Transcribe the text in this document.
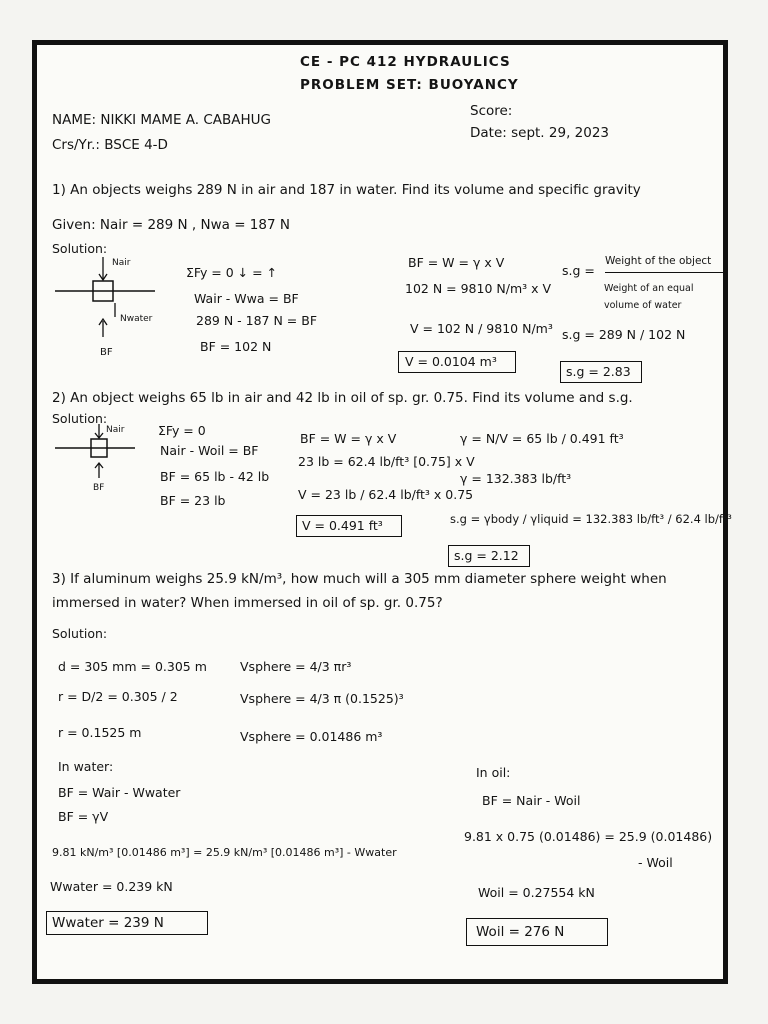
CE - PC 412 HYDRAULICS
PROBLEM SET: BUOYANCY
NAME: NIKKI MAME A. CABAHUG
Score:
Crs/Yr.: BSCE 4-D
Date: sept. 29, 2023
1) An objects weighs 289 N in air and 187 in water. Find its volume and specific gravity
Given: Nair = 289 N , Nwa = 187 N
Solution:
Nair
Nwater
BF
ΣFy = 0 ↓ = ↑
Wair - Wwa = BF
289 N - 187 N = BF
BF = 102 N
BF = W = γ x V
102 N = 9810 N/m³ x V
V = 102 N / 9810 N/m³
V = 0.0104 m³
s.g =
Weight of the object
Weight of an equal volume of water
s.g = 289 N / 102 N
s.g = 2.83
2) An object weighs 65 lb in air and 42 lb in oil of sp. gr. 0.75. Find its volume and s.g.
Solution:
Nair
BF
ΣFy = 0
Nair - Woil = BF
BF = 65 lb - 42 lb
BF = 23 lb
BF = W = γ x V
23 lb = 62.4 lb/ft³ [0.75] x V
V = 23 lb / 62.4 lb/ft³ x 0.75
V = 0.491 ft³
γ = N/V = 65 lb / 0.491 ft³
γ = 132.383 lb/ft³
s.g = γbody / γliquid = 132.383 lb/ft³ / 62.4 lb/ft³
s.g = 2.12
3) If aluminum weighs 25.9 kN/m³, how much will a 305 mm diameter sphere weight when
immersed in water? When immersed in oil of sp. gr. 0.75?
Solution:
d = 305 mm = 0.305 m
r = D/2 = 0.305 / 2
r = 0.1525 m
Vsphere = 4/3 πr³
Vsphere = 4/3 π (0.1525)³
Vsphere = 0.01486 m³
In water:
BF = Wair - Wwater
BF = γV
9.81 kN/m³ [0.01486 m³] = 25.9 kN/m³ [0.01486 m³] - Wwater
Wwater = 0.239 kN
Wwater = 239 N
In oil:
BF = Nair - Woil
9.81 x 0.75 (0.01486) = 25.9 (0.01486)
- Woil
Woil = 0.27554 kN
Woil = 276 N
